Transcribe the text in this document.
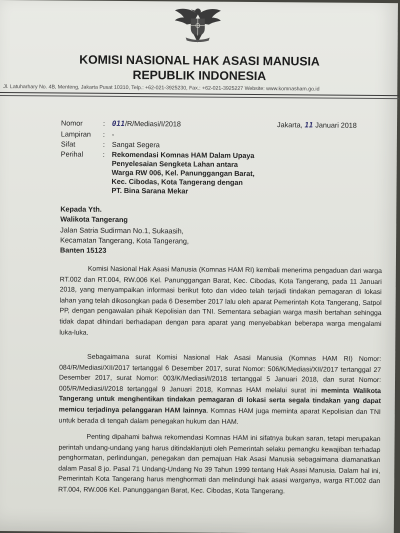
KOMISI NASIONAL HAK ASASI MANUSIA
REPUBLIK INDONESIA
Jl. Latuharhary No. 4B, Menteng, Jakarta Pusat 10310, Telp.: +62-021-3925230, Fax.: +62-021-3925227 Website: www.komnasham.go.id
Nomor	: 011/R/Mediasi/I/2018	Jakarta, 11 Januari 2018
Lampiran : -
Sifat	: Sangat Segera
Perihal	: Rekomendasi Komnas HAM Dalam Upaya
Penyelesaian Sengketa Lahan antara
Warga RW 006, Kel. Panunggangan Barat,
Kec. Cibodas, Kota Tangerang dengan
PT. Bina Sarana Mekar
Kepada Yth.
Walikota Tangerang
Jalan Satria Sudirman No.1, Sukaasih,
Kecamatan Tangerang, Kota Tangerang,
Banten 15123

Komisi Nasional Hak Asasi Manusia (Komnas HAM RI) kembali menerima pengaduan dari warga RT.002 dan RT.004, RW.006 Kel. Panunggangan Barat, Kec. Cibodas, Kota Tangerang, pada 11 Januari 2018, yang menyampaikan informasi berikut foto dan video telah terjadi tindakan pemagaran di lokasi lahan yang telah dikosongkan pada 6 Desember 2017 lalu oleh aparat Pemerintah Kota Tangerang, Satpol PP, dengan pengawalan pihak Kepolisian dan TNI. Sementara sebagian warga masih bertahan sehingga tidak dapat dihindari berhadapan dengan para aparat yang menyebabkan beberapa warga mengalami luka-luka.

Sebagaimana surat Komisi Nasional Hak Asasi Manusia (Komnas HAM RI) Nomor: 084/R/Mediasi/XII/2017 tertanggal 6 Desember 2017, surat Nomor: 506/K/Mediasi/XII/2017 tertanggal 27 Desember 2017, surat Nomor: 003/K/Mediasi/I/2018 tertanggal 5 Januari 2018, dan surat Nomor: 005/R/Mediasi/I/2018 tertanggal 9 Januari 2018, Komnas HAM melalui surat ini meminta Walikota Tangerang untuk menghentikan tindakan pemagaran di lokasi serta segala tindakan yang dapat memicu terjadinya pelanggaran HAM lainnya. Komnas HAM juga meminta aparat Kepolisian dan TNI untuk berada di tengah dalam penegakan hukum dan HAM.

Penting dipahami bahwa rekomendasi Komnas HAM ini sifatnya bukan saran, tetapi merupakan perintah undang-undang yang harus ditindaklanjuti oleh Pemerintah selaku pemangku kewajiban terhadap penghormatan, perlindungan, penegakan dan pemajuan Hak Asasi Manusia sebagaimana diamanatkan dalam Pasal 8 jo. Pasal 71 Undang-Undang No 39 Tahun 1999 tentang Hak Asasi Manusia. Dalam hal ini, Pemerintah Kota Tangerang harus menghormati dan melindungi hak asasi warganya, warga RT.002 dan RT.004, RW.006 Kel. Panunggangan Barat, Kec. Cibodas, Kota Tangerang.
